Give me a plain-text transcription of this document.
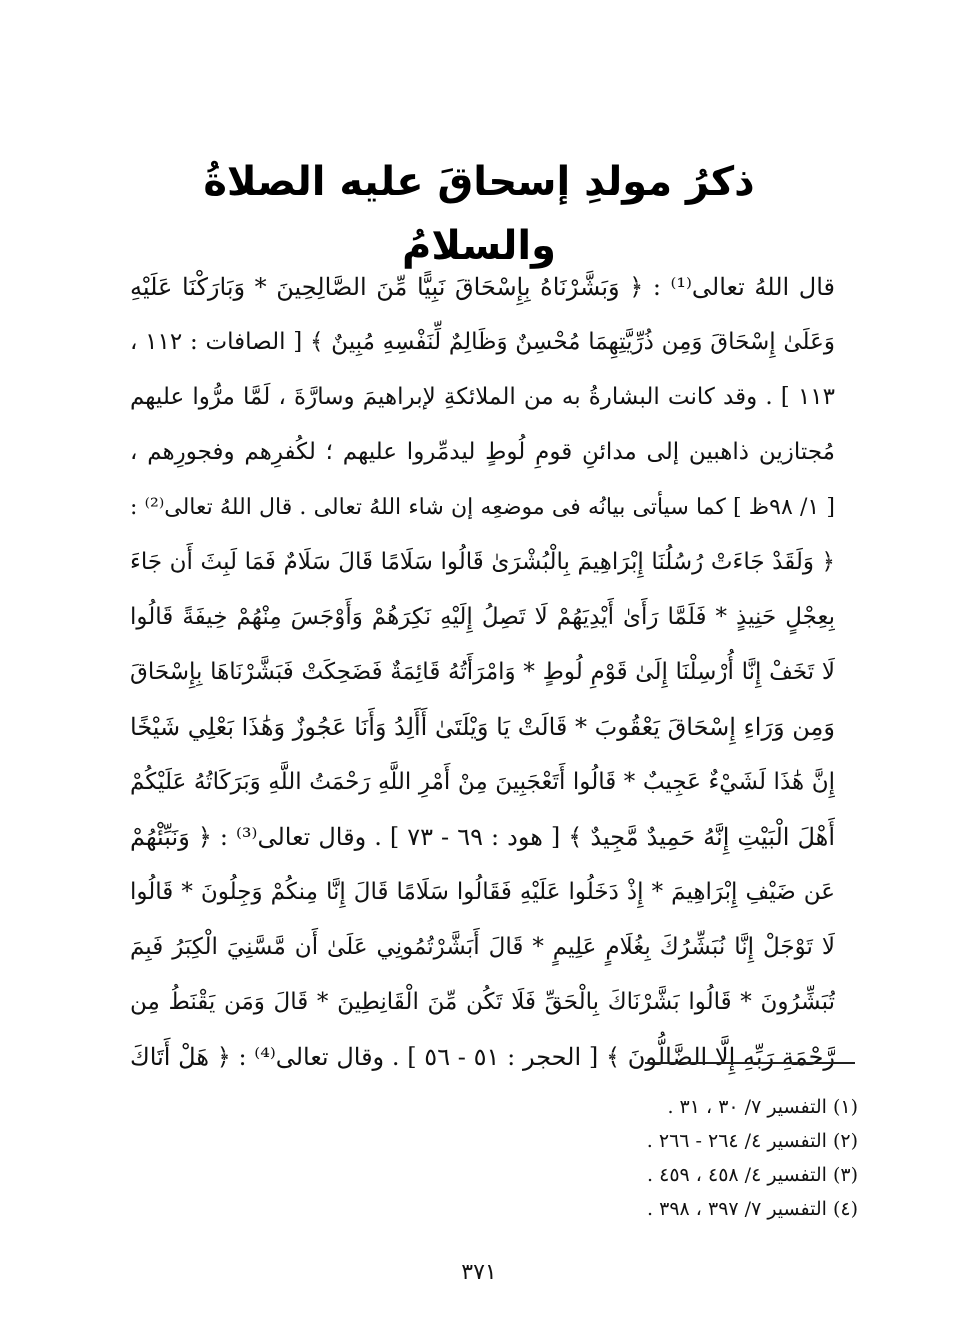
ذكرُ مولدِ إسحاقَ عليه الصلاةُ والسلامُ
قال اللهُ تعالى⁽¹⁾ : ﴿ وَبَشَّرْنَاهُ بِإِسْحَاقَ نَبِيًّا مِّنَ الصَّالِحِينَ * وَبَارَكْنَا عَلَيْهِ
وَعَلَىٰ إِسْحَاقَ وَمِن ذُرِّيَّتِهِمَا مُحْسِنٌ وَظَالِمٌ لِّنَفْسِهِ مُبِينٌ ﴾ [ الصافات : ١١٢ ،
١١٣ ] . وقد كانت البشارةُ به من الملائكةِ لإبراهيمَ وسارَّةَ ، لَمَّا مرُّوا عليهم
مُجتازين ذاهبين إلى مدائنِ قومِ لُوطٍ ليدمِّروا عليهم ؛ لكُفرِهم وفجورِهم ،
[ ١/ ٩٨ظ ] كما سيأتى بيانُه فى موضعِه إن شاء اللهُ تعالى . قال اللهُ تعالى⁽²⁾ :
﴿ وَلَقَدْ جَاءَتْ رُسُلُنَا إِبْرَاهِيمَ بِالْبُشْرَىٰ قَالُوا سَلَامًا قَالَ سَلَامٌ فَمَا لَبِثَ أَن جَاءَ
بِعِجْلٍ حَنِيذٍ * فَلَمَّا رَأَىٰ أَيْدِيَهُمْ لَا تَصِلُ إِلَيْهِ نَكِرَهُمْ وَأَوْجَسَ مِنْهُمْ خِيفَةً قَالُوا
لَا تَخَفْ إِنَّا أُرْسِلْنَا إِلَىٰ قَوْمِ لُوطٍ * وَامْرَأَتُهُ قَائِمَةٌ فَضَحِكَتْ فَبَشَّرْنَاهَا بِإِسْحَاقَ
وَمِن وَرَاءِ إِسْحَاقَ يَعْقُوبَ * قَالَتْ يَا وَيْلَتَىٰ أَأَلِدُ وَأَنَا عَجُوزٌ وَهَٰذَا بَعْلِي شَيْخًا
إِنَّ هَٰذَا لَشَيْءٌ عَجِيبٌ * قَالُوا أَتَعْجَبِينَ مِنْ أَمْرِ اللَّهِ رَحْمَتُ اللَّهِ وَبَرَكَاتُهُ عَلَيْكُمْ
أَهْلَ الْبَيْتِ إِنَّهُ حَمِيدٌ مَّجِيدٌ ﴾ [ هود : ٦٩ - ٧٣ ] . وقال تعالى⁽³⁾ : ﴿ وَنَبِّئْهُمْ
عَن ضَيْفِ إِبْرَاهِيمَ * إِذْ دَخَلُوا عَلَيْهِ فَقَالُوا سَلَامًا قَالَ إِنَّا مِنكُمْ وَجِلُونَ * قَالُوا
لَا تَوْجَلْ إِنَّا نُبَشِّرُكَ بِغُلَامٍ عَلِيمٍ * قَالَ أَبَشَّرْتُمُونِي عَلَىٰ أَن مَّسَّنِيَ الْكِبَرُ فَبِمَ
تُبَشِّرُونَ * قَالُوا بَشَّرْنَاكَ بِالْحَقِّ فَلَا تَكُن مِّنَ الْقَانِطِينَ * قَالَ وَمَن يَقْنَطُ مِن
رَّحْمَةِ رَبِّهِ إِلَّا الضَّالُّونَ ﴾ [ الحجر : ٥١ - ٥٦ ] . وقال تعالى⁽⁴⁾ : ﴿ هَلْ أَتَاكَ
(١) التفسير ٧/ ٣٠ ، ٣١ .
(٢) التفسير ٤/ ٢٦٤ - ٢٦٦ .
(٣) التفسير ٤/ ٤٥٨ ، ٤٥٩ .
(٤) التفسير ٧/ ٣٩٧ ، ٣٩٨ .
٣٧١
